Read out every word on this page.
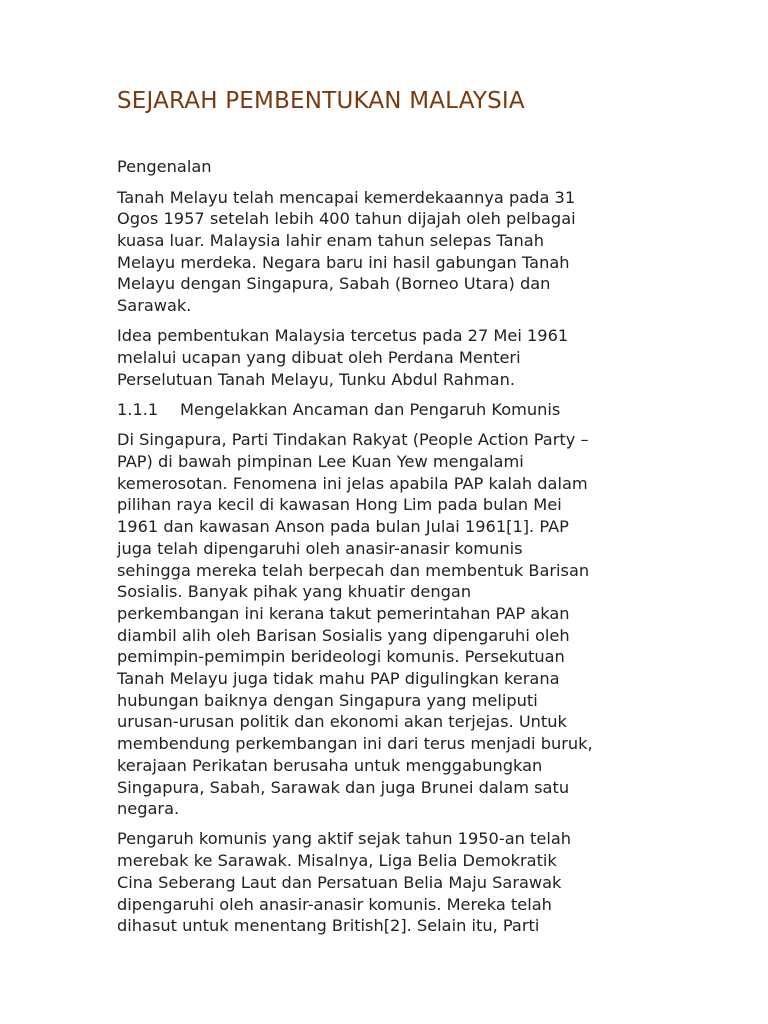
SEJARAH PEMBENTUKAN MALAYSIA
Pengenalan
Tanah Melayu telah mencapai kemerdekaannya pada 31
Ogos 1957 setelah lebih 400 tahun dijajah oleh pelbagai
kuasa luar. Malaysia lahir enam tahun selepas Tanah
Melayu merdeka. Negara baru ini hasil gabungan Tanah
Melayu dengan Singapura, Sabah (Borneo Utara) dan
Sarawak.
Idea pembentukan Malaysia tercetus pada 27 Mei 1961
melalui ucapan yang dibuat oleh Perdana Menteri
Perselutuan Tanah Melayu, Tunku Abdul Rahman.
1.1.1 Mengelakkan Ancaman dan Pengaruh Komunis
Di Singapura, Parti Tindakan Rakyat (People Action Party –
PAP) di bawah pimpinan Lee Kuan Yew mengalami
kemerosotan. Fenomena ini jelas apabila PAP kalah dalam
pilihan raya kecil di kawasan Hong Lim pada bulan Mei
1961 dan kawasan Anson pada bulan Julai 1961[1]. PAP
juga telah dipengaruhi oleh anasir-anasir komunis
sehingga mereka telah berpecah dan membentuk Barisan
Sosialis. Banyak pihak yang khuatir dengan
perkembangan ini kerana takut pemerintahan PAP akan
diambil alih oleh Barisan Sosialis yang dipengaruhi oleh
pemimpin-pemimpin berideologi komunis. Persekutuan
Tanah Melayu juga tidak mahu PAP digulingkan kerana
hubungan baiknya dengan Singapura yang meliputi
urusan-urusan politik dan ekonomi akan terjejas. Untuk
membendung perkembangan ini dari terus menjadi buruk,
kerajaan Perikatan berusaha untuk menggabungkan
Singapura, Sabah, Sarawak dan juga Brunei dalam satu
negara.
Pengaruh komunis yang aktif sejak tahun 1950-an telah
merebak ke Sarawak. Misalnya, Liga Belia Demokratik
Cina Seberang Laut dan Persatuan Belia Maju Sarawak
dipengaruhi oleh anasir-anasir komunis. Mereka telah
dihasut untuk menentang British[2]. Selain itu, Parti
